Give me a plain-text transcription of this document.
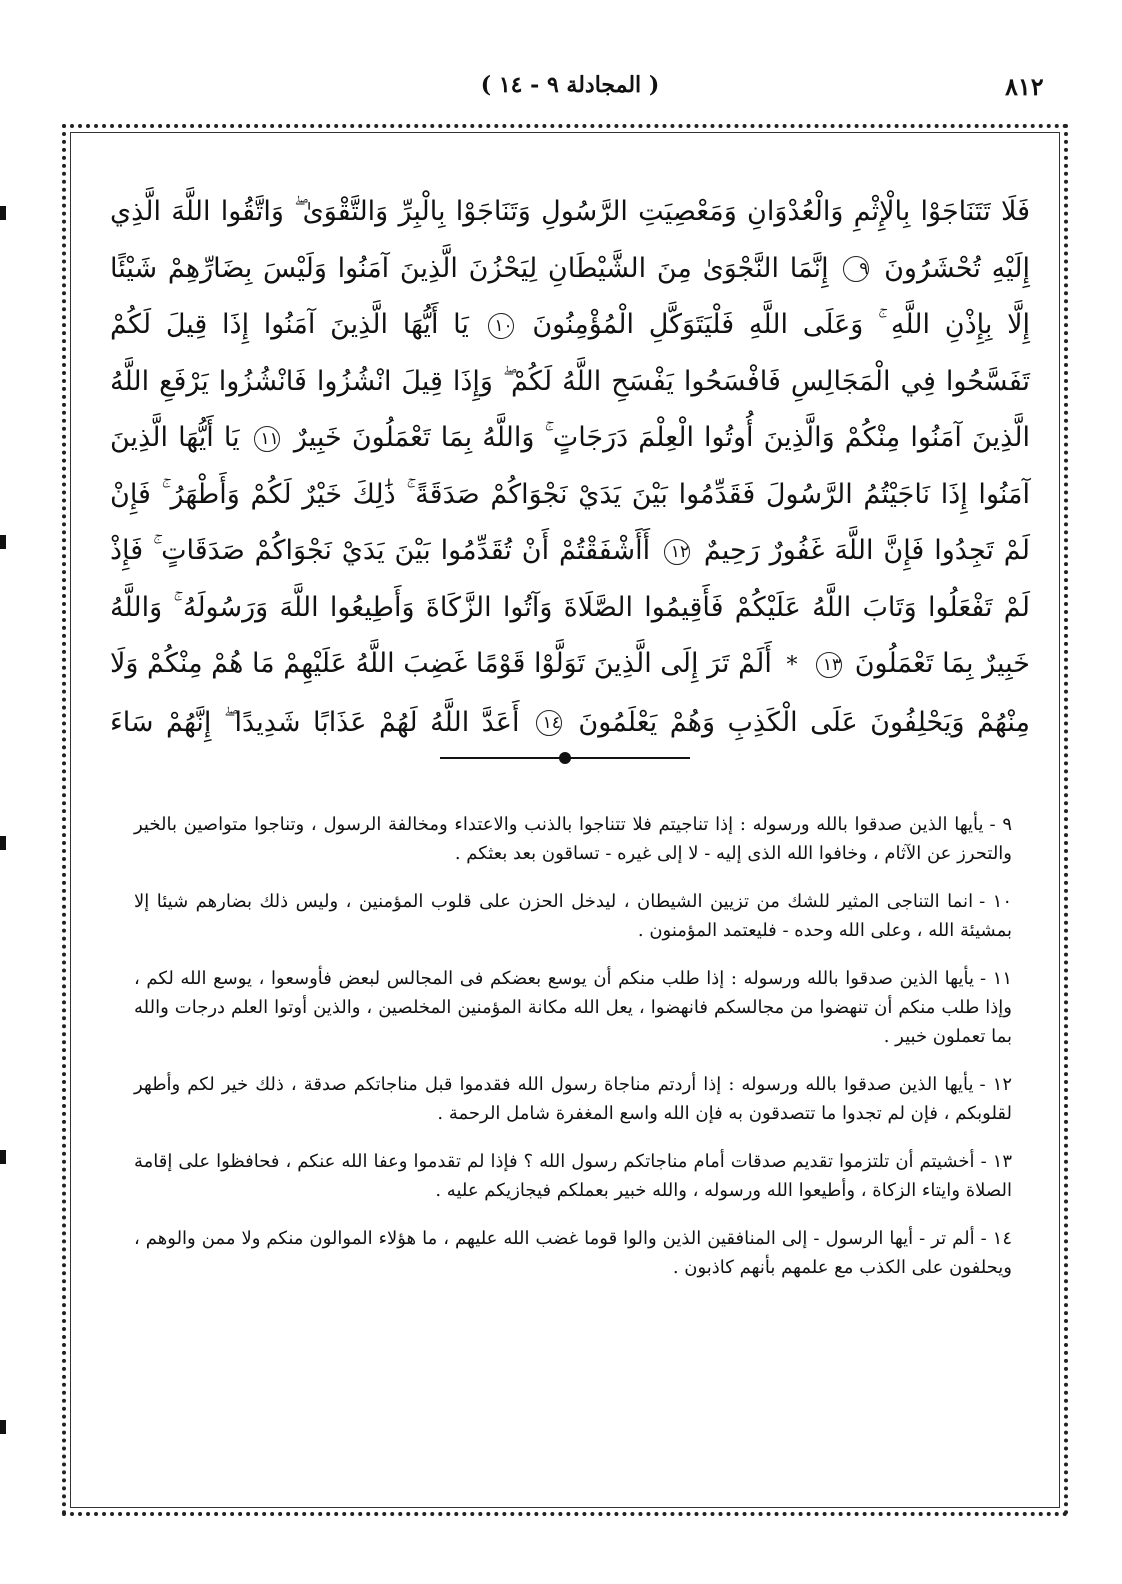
٨١٢
( المجادلة ٩ - ١٤ )
فَلَا تَتَنَاجَوْا بِالْإِثْمِ وَالْعُدْوَانِ وَمَعْصِيَتِ الرَّسُولِ وَتَنَاجَوْا بِالْبِرِّ وَالتَّقْوَىٰ ۖ وَاتَّقُوا اللَّهَ الَّذِي إِلَيْهِ تُحْشَرُونَ ٩ إِنَّمَا النَّجْوَىٰ مِنَ الشَّيْطَانِ لِيَحْزُنَ الَّذِينَ آمَنُوا وَلَيْسَ بِضَارِّهِمْ شَيْئًا إِلَّا بِإِذْنِ اللَّهِ ۚ وَعَلَى اللَّهِ فَلْيَتَوَكَّلِ الْمُؤْمِنُونَ ١٠ يَا أَيُّهَا الَّذِينَ آمَنُوا إِذَا قِيلَ لَكُمْ تَفَسَّحُوا فِي الْمَجَالِسِ فَافْسَحُوا يَفْسَحِ اللَّهُ لَكُمْ ۖ وَإِذَا قِيلَ انْشُزُوا فَانْشُزُوا يَرْفَعِ اللَّهُ الَّذِينَ آمَنُوا مِنْكُمْ وَالَّذِينَ أُوتُوا الْعِلْمَ دَرَجَاتٍ ۚ وَاللَّهُ بِمَا تَعْمَلُونَ خَبِيرٌ ١١ يَا أَيُّهَا الَّذِينَ آمَنُوا إِذَا نَاجَيْتُمُ الرَّسُولَ فَقَدِّمُوا بَيْنَ يَدَيْ نَجْوَاكُمْ صَدَقَةً ۚ ذَٰلِكَ خَيْرٌ لَكُمْ وَأَطْهَرُ ۚ فَإِنْ لَمْ تَجِدُوا فَإِنَّ اللَّهَ غَفُورٌ رَحِيمٌ ١٢ أَأَشْفَقْتُمْ أَنْ تُقَدِّمُوا بَيْنَ يَدَيْ نَجْوَاكُمْ صَدَقَاتٍ ۚ فَإِذْ لَمْ تَفْعَلُوا وَتَابَ اللَّهُ عَلَيْكُمْ فَأَقِيمُوا الصَّلَاةَ وَآتُوا الزَّكَاةَ وَأَطِيعُوا اللَّهَ وَرَسُولَهُ ۚ وَاللَّهُ خَبِيرٌ بِمَا تَعْمَلُونَ ١٣ * أَلَمْ تَرَ إِلَى الَّذِينَ تَوَلَّوْا قَوْمًا غَضِبَ اللَّهُ عَلَيْهِمْ مَا هُمْ مِنْكُمْ وَلَا مِنْهُمْ وَيَحْلِفُونَ عَلَى الْكَذِبِ وَهُمْ يَعْلَمُونَ ١٤ أَعَدَّ اللَّهُ لَهُمْ عَذَابًا شَدِيدًا ۖ إِنَّهُمْ سَاءَ

٩ -يأيها الذين صدقوا بالله ورسوله : إذا تناجيتم فلا تتناجوا بالذنب والاعتداء ومخالفة الرسول ، وتناجوا متواصين بالخير والتحرز عن الآثام ، وخافوا الله الذى إليه - لا إلى غيره - تساقون بعد بعثكم .

١٠ -انما التناجى المثير للشك من تزيين الشيطان ، ليدخل الحزن على قلوب المؤمنين ، وليس ذلك بضارهم شيئا إلا بمشيئة الله ، وعلى الله وحده - فليعتمد المؤمنون .

١١ -يأيها الذين صدقوا بالله ورسوله : إذا طلب منكم أن يوسع بعضكم فى المجالس لبعض فأوسعوا ، يوسع الله لكم ، وإذا طلب منكم أن تنهضوا من مجالسكم فانهضوا ، يعل الله مكانة المؤمنين المخلصين ، والذين أوتوا العلم درجات والله بما تعملون خبير .

١٢ -يأيها الذين صدقوا بالله ورسوله : إذا أردتم مناجاة رسول الله فقدموا قبل مناجاتكم صدقة ، ذلك خير لكم وأطهر لقلوبكم ، فإن لم تجدوا ما تتصدقون به فإن الله واسع المغفرة شامل الرحمة .

١٣ -أخشيتم أن تلتزموا تقديم صدقات أمام مناجاتكم رسول الله ؟ فإذا لم تقدموا وعفا الله عنكم ، فحافظوا على إقامة الصلاة وايتاء الزكاة ، وأطيعوا الله ورسوله ، والله خبير بعملكم فيجازيكم عليه .

١٤ -ألم تر - أيها الرسول - إلى المنافقين الذين والوا قوما غضب الله عليهم ، ما هؤلاء الموالون منكم ولا ممن والوهم ، ويحلفون على الكذب مع علمهم بأنهم كاذبون .
